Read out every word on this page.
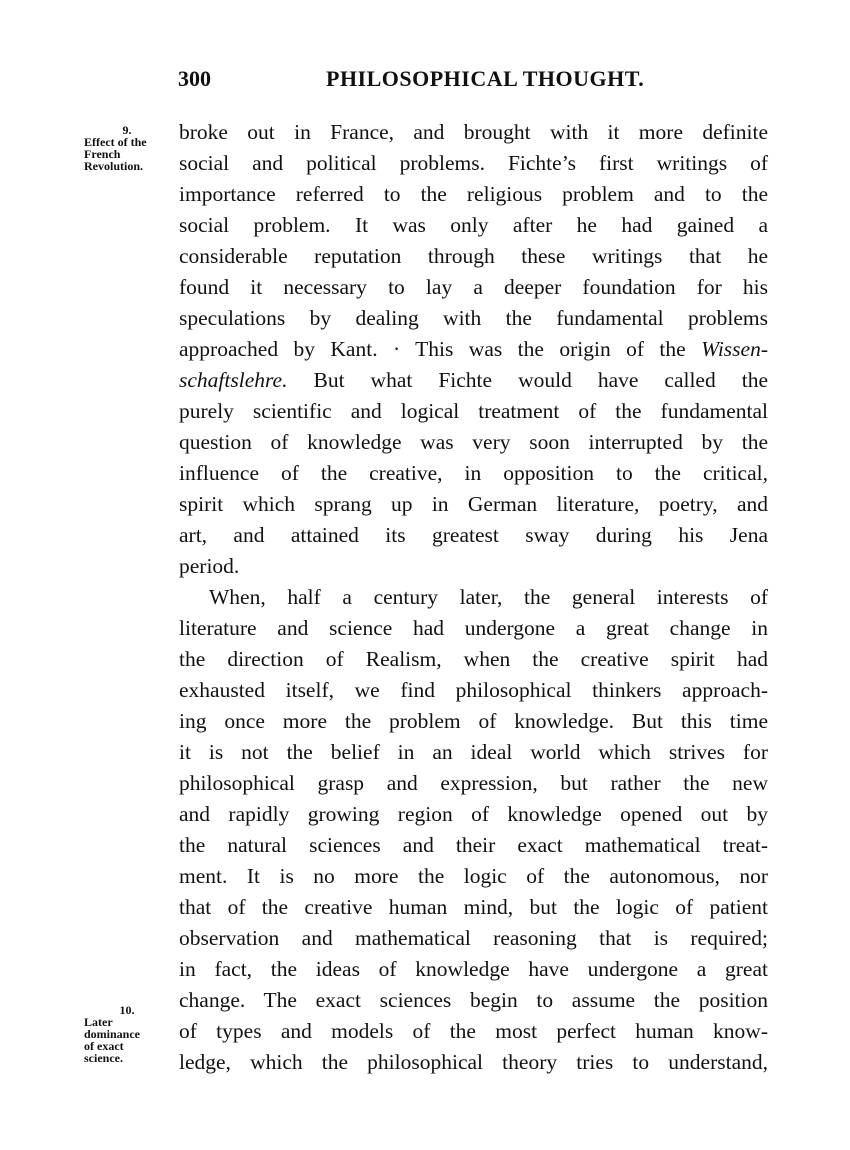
300	PHILOSOPHICAL THOUGHT.
9.
Effect of the
French
Revolution.
10.
Later
dominance
of exact
science.
broke out in France, and brought with it more definite
social and political problems. Fichte’s first writings of
importance referred to the religious problem and to the
social problem. It was only after he had gained a
considerable reputation through these writings that he
found it necessary to lay a deeper foundation for his
speculations by dealing with the fundamental problems
approached by Kant. · This was the origin of the Wissen-
schaftslehre. But what Fichte would have called the
purely scientific and logical treatment of the fundamental
question of knowledge was very soon interrupted by the
influence of the creative, in opposition to the critical,
spirit which sprang up in German literature, poetry, and
art, and attained its greatest sway during his Jena
period.
When, half a century later, the general interests of
literature and science had undergone a great change in
the direction of Realism, when the creative spirit had
exhausted itself, we find philosophical thinkers approach-
ing once more the problem of knowledge. But this time
it is not the belief in an ideal world which strives for
philosophical grasp and expression, but rather the new
and rapidly growing region of knowledge opened out by
the natural sciences and their exact mathematical treat-
ment. It is no more the logic of the autonomous, nor
that of the creative human mind, but the logic of patient
observation and mathematical reasoning that is required;
in fact, the ideas of knowledge have undergone a great
change. The exact sciences begin to assume the position
of types and models of the most perfect human know-
ledge, which the philosophical theory tries to understand,
